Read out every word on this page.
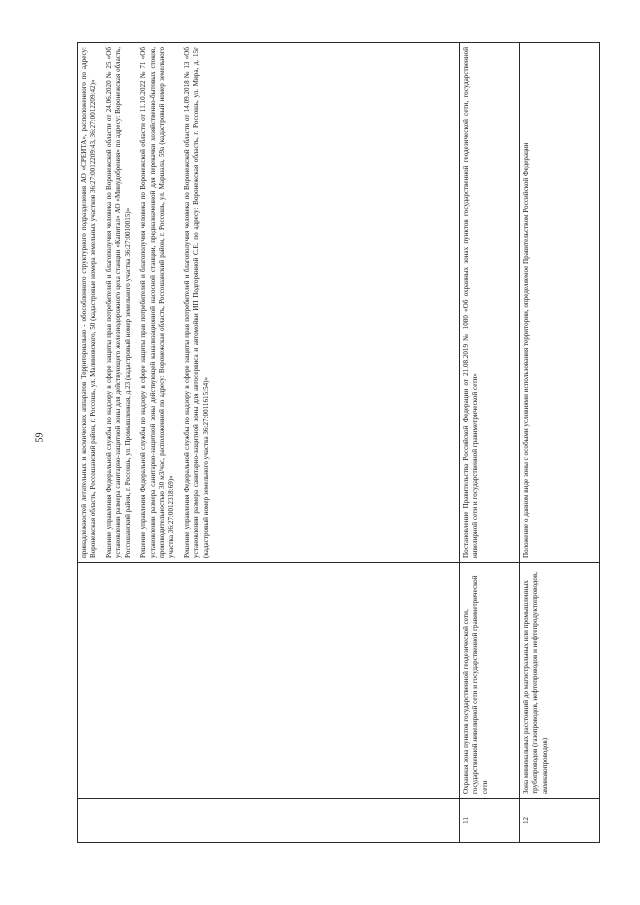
59

		принадлежностей летательных и космических аппаратов Территориально - обособленного структурного подразделения АО «СРЕИТА», расположенного по адресу: Воронежская область, Россошанский район, г. Россошь, ул. Малиновского, 50 (кадастровые номера земельных участков 36:27:0012209:43, 36:27:0012209:42)» Решение управления Федеральной службы по надзору в сфере защиты прав потребителей и благополучия человека по Воронежской области от 24.06.2020 № 25 «Об установлении размера санитарно-защитной зоны для действующего железнодорожного цеха станции «Капитал» АО «Минудобрения» по адресу: Воронежская область, Россошанский район, г. Россошь, ул. Промышленная, д.23 (кадастровый номер земельного участка 36:27:0010015)» Решение управления Федеральной службы по надзору в сфере защиты прав потребителей и благополучия человека по Воронежской области от 11.10.2022 № 71 «Об установлении размера санитарно-защитной зоны действующей канализационной насосной станции, предназначенной для перекачки хозяйственно-бытовых стоков, производительностью 30 м3/час, расположенной по адресу: Воронежская область, Россошанский район, г. Россошь, ул. Маршала, 59а (кадастровый номер земельного участка 36:27:0012318:69)» Решение управления Федеральной службы по надзору в сфере защиты прав потребителей и благополучия человека по Воронежской области от 14.09.2018 № 13 «Об установлении размера санитарно-защитной зоны для автосервиса и автомойки ИП Подгорянной С.Е. по адресу: Воронежская область, г. Россошь, ул. Мира, д. 15г (кадастровый номер земельного участка 36:27:0011615:54)»

11	Охранная зона пунктов государственной геодезической сети, государственной нивелирной сети и государственной гравиметрической сети	Постановление Правительства Российской Федерации от 21.08.2019 № 1080 «Об охранных зонах пунктов государственной геодезической сети, государственной нивелирной сети и государственной гравиметрической сети»

12	Зона минимальных расстояний до магистральных или промышленных трубопроводов (газопроводов, нефтепроводов и нефтепродуктопроводов, аммиакопроводов)	Положение о данном виде зоны с особыми условиями использования территории, определяемое Правительством Российской Федерации
